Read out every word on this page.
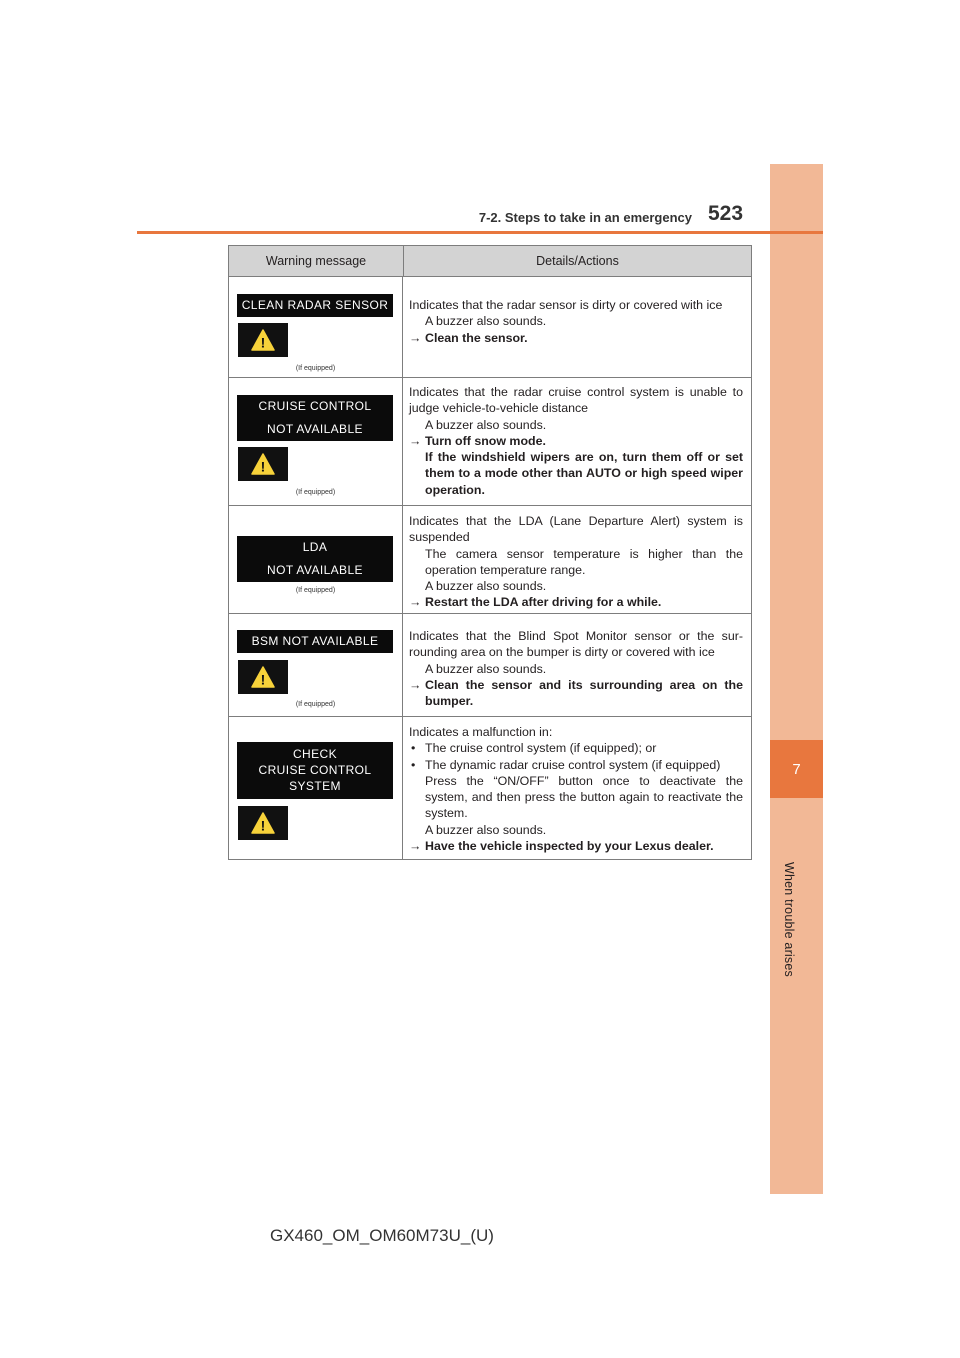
7
When trouble arises
7-2. Steps to take in an emergency 523
Warning message	Details/Actions
CLEAN RADAR SENSOR
!
(If equipped)
Indicates that the radar sensor is dirty or covered with ice
A buzzer also sounds.
→ Clean the sensor.
CRUISE CONTROL
NOT AVAILABLE
!
(If equipped)
Indicates that the radar cruise control system is unable to judge vehicle-to-vehicle distance
A buzzer also sounds.
→ Turn off snow mode.
If the windshield wipers are on, turn them off or set them to a mode other than AUTO or high speed wiper operation.
LDA
NOT AVAILABLE
(If equipped)
Indicates that the LDA (Lane Departure Alert) system is suspended
The camera sensor temperature is higher than the operation temperature range.
A buzzer also sounds.
→ Restart the LDA after driving for a while.
BSM NOT AVAILABLE
!
(If equipped)
Indicates that the Blind Spot Monitor sensor or the sur-rounding area on the bumper is dirty or covered with ice
A buzzer also sounds.
→ Clean the sensor and its surrounding area on the bumper.
CHECK
CRUISE CONTROL
SYSTEM
!
Indicates a malfunction in:
• The cruise control system (if equipped); or
• The dynamic radar cruise control system (if equipped)
Press the “ON/OFF” button once to deactivate the system, and then press the button again to reactivate the system.
A buzzer also sounds.
→ Have the vehicle inspected by your Lexus dealer.
GX460_OM_OM60M73U_(U)
